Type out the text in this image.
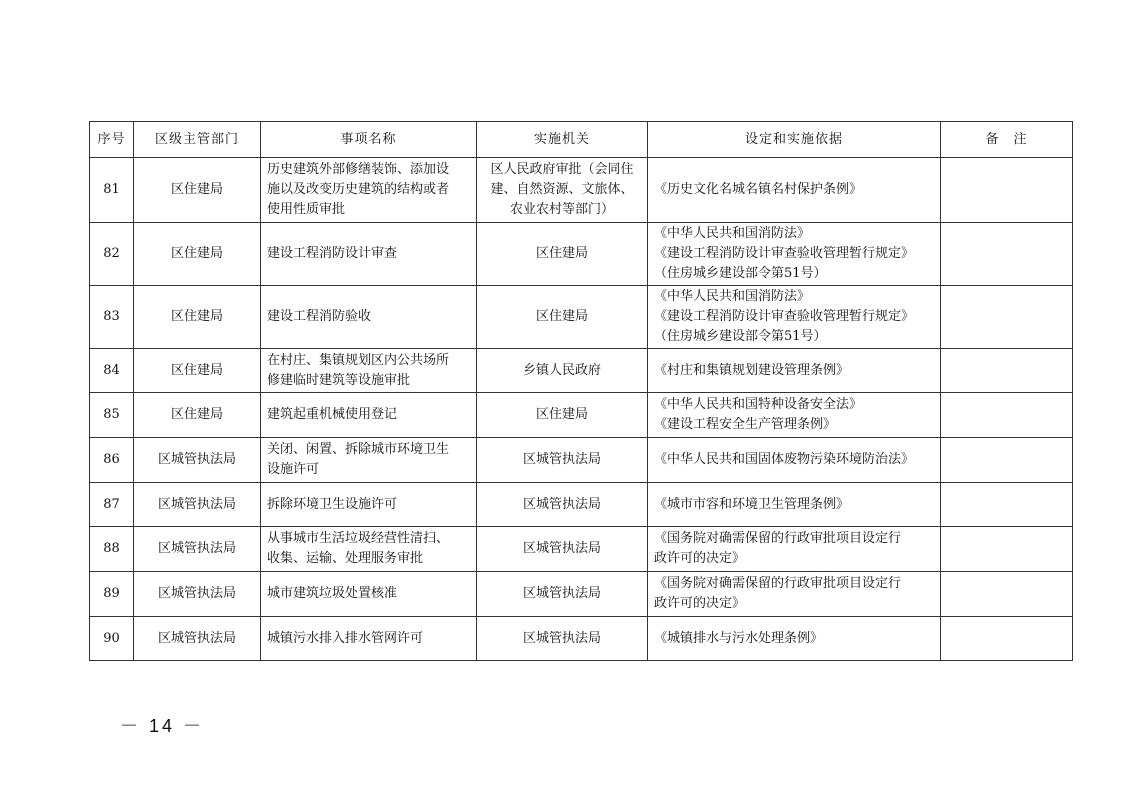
序号	区级主管部门	事项名称	实施机关	设定和实施依据	备　注
81	区住建局	历史建筑外部修缮装饰、添加设
施以及改变历史建筑的结构或者
使用性质审批	区人民政府审批（会同住
建、自然资源、文旅体、
农业农村等部门）	《历史文化名城名镇名村保护条例》	

82	区住建局	建设工程消防设计审查	区住建局	《中华人民共和国消防法》
《建设工程消防设计审查验收管理暂行规定》
（住房城乡建设部令第51号）	

83	区住建局	建设工程消防验收	区住建局	《中华人民共和国消防法》
《建设工程消防设计审查验收管理暂行规定》
（住房城乡建设部令第51号）	

84	区住建局	在村庄、集镇规划区内公共场所
修建临时建筑等设施审批	乡镇人民政府	《村庄和集镇规划建设管理条例》	

85	区住建局	建筑起重机械使用登记	区住建局	《中华人民共和国特种设备安全法》
《建设工程安全生产管理条例》	

86	区城管执法局	关闭、闲置、拆除城市环境卫生
设施许可	区城管执法局	《中华人民共和国固体废物污染环境防治法》	

87	区城管执法局	拆除环境卫生设施许可	区城管执法局	《城市市容和环境卫生管理条例》	

88	区城管执法局	从事城市生活垃圾经营性清扫、
收集、运输、处理服务审批	区城管执法局	《国务院对确需保留的行政审批项目设定行
政许可的决定》	

89	区城管执法局	城市建筑垃圾处置核准	区城管执法局	《国务院对确需保留的行政审批项目设定行
政许可的决定》	

90	区城管执法局	城镇污水排入排水管网许可	区城管执法局	《城镇排水与污水处理条例》	

－ 14 －
